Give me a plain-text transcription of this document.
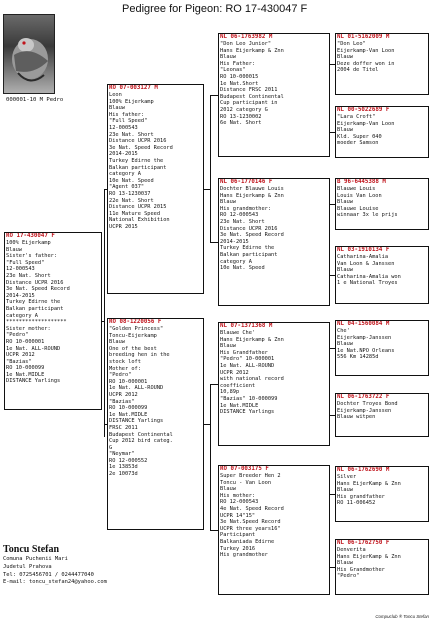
Pedigree for Pigeon: RO 17-430047 F
000001-10 M Pedro
RO 17-430047 F
100% Eijerkamp
Blauw
Sister's father:
"Full Speed"
12-000543
23e Nat. Short
Distance UCPR 2016
3e Nat. Speed Record
2014-2015
Turkey Edirne the
Balkan participant
category A
*******************
Sister mother:
"Pedro"
RO 10-000001
1e Nat. ALL-ROUND
UCPR 2012
"Bazias"
RO 10-000099
1e Nat.MIDLE
DISTANCE Yarlings
RO 07-003127 M
Leon
100% Eijerkamp
Blauw
His father:
"Full Speed"
12-000543
23e Nat. Short
Distance UCPR 2016
3e Nat. Speed Record
2014-2015
Turkey Edirne the
Balkan participant
category A
10e Nat. Speed
"Agent 037"
RO 13-1230037
22e Nat. Short
Distance UCPR 2015
11e Mature Speed
National Exhibition
UCPR 2015
RO 08-1220056 F
"Golden Princess"
Toncu-Eijerkamp
Blauw
One of the best
breeding hen in the
stock loft
Mother of:
"Pedro"
RO 10-000001
1e Nat. ALL-ROUND
UCPR 2012
"Bazias"
RO 10-000099
1e Nat.MIDLE
DISTANCE Yarlings
FRSC 2011
Budapest Continental
Cup 2012 bird categ.
G
"Neymar"
RO 12-000552
1e 13853d
2e 10073d
NL 06-1763982 M
"Don Leo Junior"
Hans Eijerkamp & Znn
Blauw
His Father:
"Leonas"
RO 10-000015
1e Nat.Short
Distance FRSC 2011
Budapest Continental
Cup participant in
2012 category G
RO 13-1230002
6e Nat. Short
NL 06-1770146 F
Dochter Blauwe Louis
Hans Eijerkamp & Znn
Blauw
His grandmother:
RO 12-000543
23e Nat. Short
Distance UCPR 2016
3e Nat. Speed Record
2014-2015
Turkey Edirne the
Balkan participant
category A
10e Nat. Speed
NL 07-1371368 M
Blauwe Che'
Hans Eijerkamp & Znn
Blauw
His Grandfather
"Pedro" 10-000001
1e Nat. ALL-ROUND
UCPR 2012
with national record
coefficient
10,89p
"Bazias" 10-000099
1e Nat.MIDLE
DISTANCE Yarlings
RO 07-003175 F
Super Breeder Hen 2
Toncu - Van Loon
Blauw
His mother:
RO 12-000543
4e Nat. Speed Record
UCPR 14"15"
3e Nat.Speed Record
UCPR three years16"
Participant
Balkaniada Edirne
Turkey 2016
His grandmother
NL 01-5162009 M
"Don Leo"
Eijerkamp-Van Loon
Blauw
Deze doffer won in
2004 de Titel
NL 00-5022689 F
"Lara Croft"
Eijerkamp-Van Loon
Blauw
Kld. Super 040
moeder Samson
B 96-6445388 M
Blauwe Louis
Louis Van Loon
Blauw
Blauwe Louise
winnaar 3x le prijs
NL 03-1910134 F
Catharina-Amalia
Van Loon & Janssen
Blauw
Catharina-Amalia won
1 e National Troyes
NL 04-1560084 M
Che'
Eijerkamp-Janssen
Blauw
1e Nat.NPO Orleans
556 Km 14285d
NL 06-1763722 F
Dochter Troyes Bond
Eijerkamp-Janssen
Blauw witpen
NL 06-1762690 M
Silver
Hans EijerKamp & Znn
Blauw
His grandfather
RO 11-006452
NL 06-1762750 F
Denverita
Hans EijerKamp & Znn
Blauw
His Grandmother
"Pedro"
Toncu Stefan
Comuna Puchenii Mari
Judetul Prahova
Tel: 0725456701 / 0244477040
E-mail: toncu_stefan24@yahoo.com
Compuclub ® Toncu Stefan
